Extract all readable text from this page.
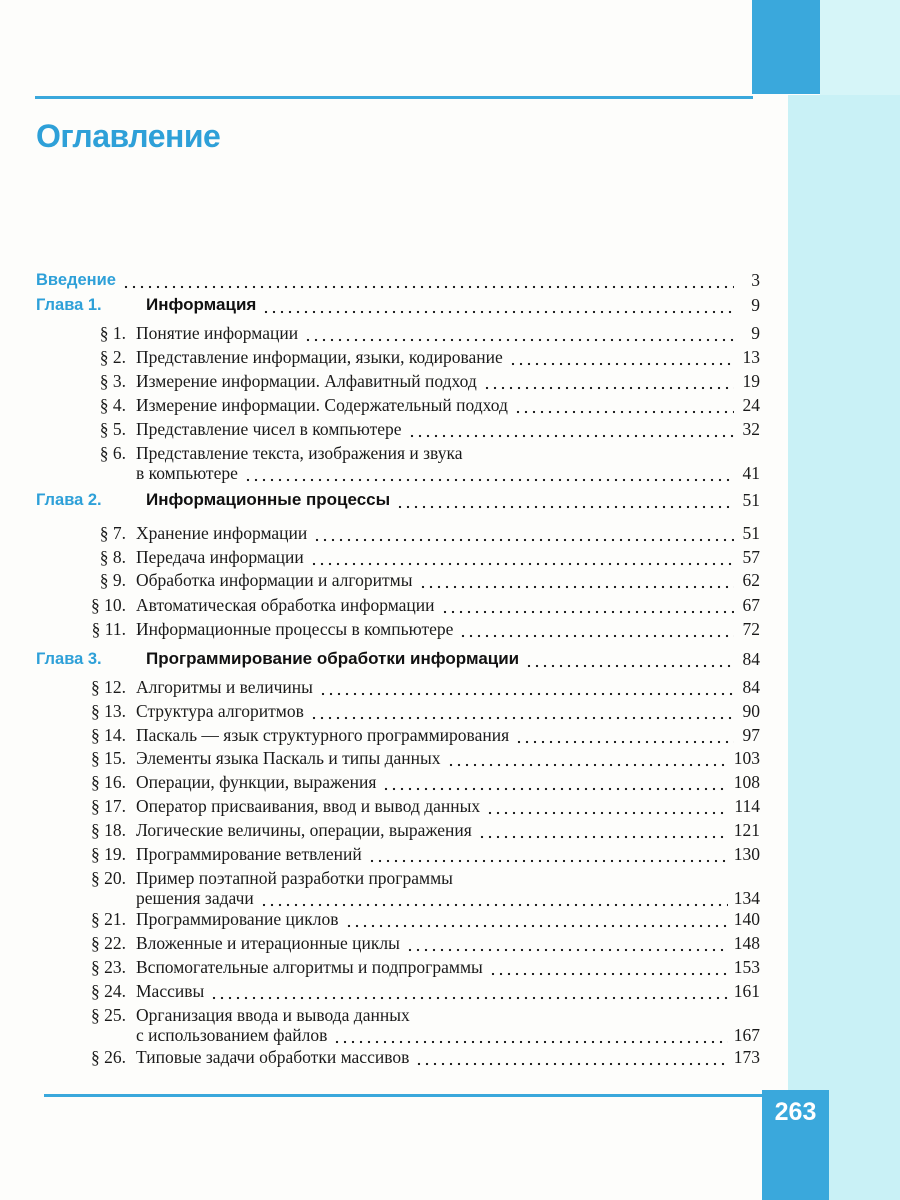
Оглавление
Введение	3
Глава 1.	Информация	9
§ 1. Понятие информации	9
§ 2. Представление информации, языки, кодирование	13
§ 3. Измерение информации. Алфавитный подход	19
§ 4. Измерение информации. Содержательный подход	24
§ 5. Представление чисел в компьютере	32
§ 6. Представление текста, изображения и звука
в компьютере	41
Глава 2.	Информационные процессы	51
§ 7. Хранение информации	51
§ 8. Передача информации	57
§ 9. Обработка информации и алгоритмы	62
§ 10. Автоматическая обработка информации	67
§ 11. Информационные процессы в компьютере	72
Глава 3.	Программирование обработки информации	84
§ 12. Алгоритмы и величины	84
§ 13. Структура алгоритмов	90
§ 14. Паскаль — язык структурного программирования	97
§ 15. Элементы языка Паскаль и типы данных	103
§ 16. Операции, функции, выражения	108
§ 17. Оператор присваивания, ввод и вывод данных	114
§ 18. Логические величины, операции, выражения	121
§ 19. Программирование ветвлений	130
§ 20. Пример поэтапной разработки программы
решения задачи	134
§ 21. Программирование циклов	140
§ 22. Вложенные и итерационные циклы	148
§ 23. Вспомогательные алгоритмы и подпрограммы	153
§ 24. Массивы	161
§ 25. Организация ввода и вывода данных
с использованием файлов	167
§ 26. Типовые задачи обработки массивов	173
263
